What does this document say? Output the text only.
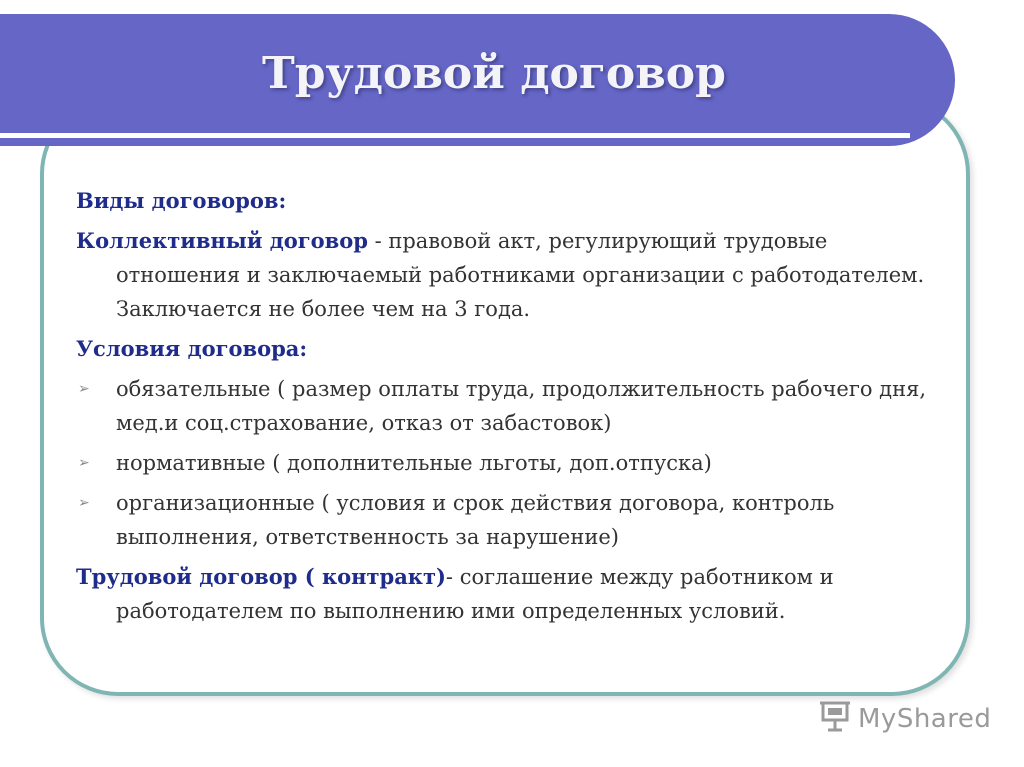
Трудовой договор
Виды договоров:
Коллективный договор - правовой акт, регулирующий трудовые отношения и заключаемый работниками организации с работодателем. Заключается не более чем на 3 года.
Условия договора:
➢ обязательные ( размер оплаты труда, продолжительность рабочего дня, мед.и соц.страхование, отказ от забастовок)
➢ нормативные ( дополнительные льготы, доп.отпуска)
➢ организационные ( условия и срок действия договора, контроль выполнения, ответственность за нарушение)
Трудовой договор ( контракт)- соглашение между работником и работодателем по выполнению ими определенных условий.
MyShared
